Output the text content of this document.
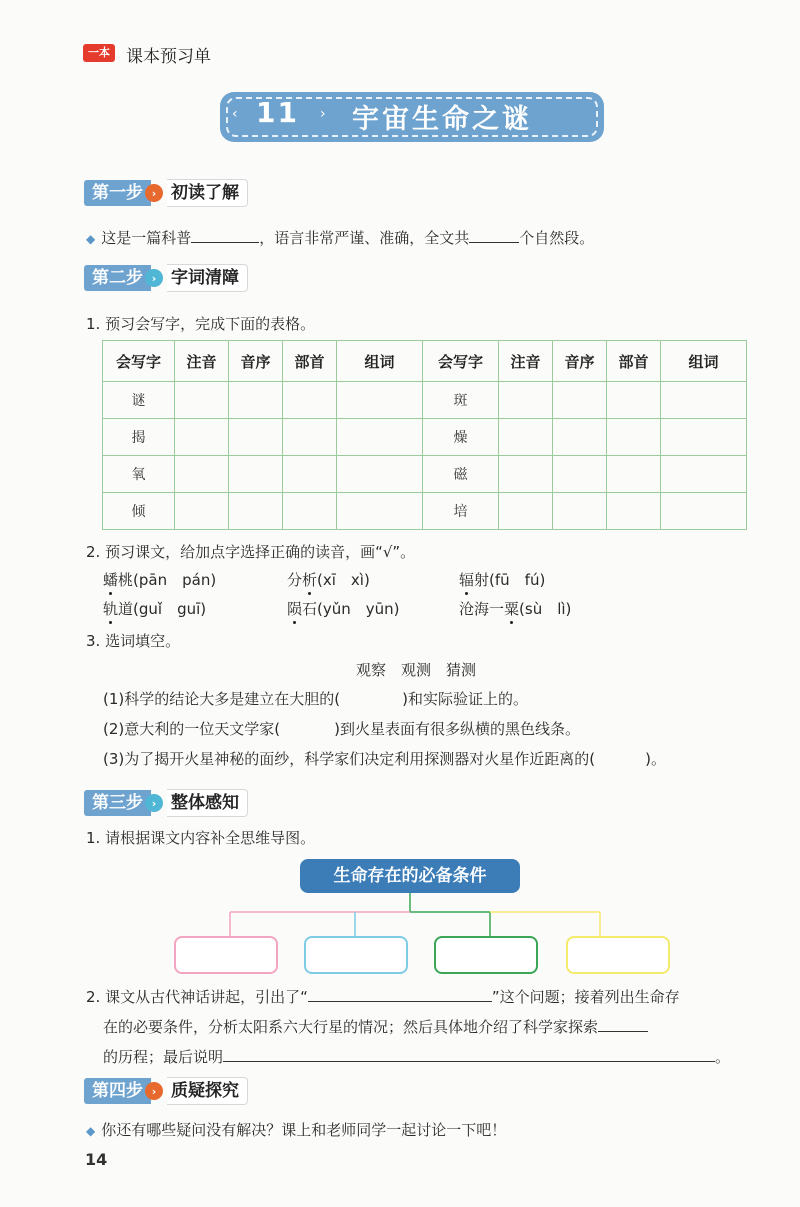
一本 课本预习单
‹ 11 › 宇宙生命之谜
第一步 › 初读了解
◆ 这是一篇科普	，语言非常严谨、准确，全文共	个自然段。
第二步 › 字词清障
1. 预习会写字，完成下面的表格。
会写字	注音	音序	部首	组词	会写字	注音	音序	部首	组词
谜					斑				
揭					燥				
氧					磁				
倾					培				
2. 预习课文，给加点字选择正确的读音，画“√”。
蟠桃(pān　pán)	分析(xī　xì)	辐射(fū　fú)
轨道(guǐ　guī)	陨石(yǔn　yūn)	沧海一粟(sù　lì)
3. 选词填空。
观察　观测　猜测
(1)科学的结论大多是建立在大胆的(	)和实际验证上的。
(2)意大利的一位天文学家(	)到火星表面有很多纵横的黑色线条。
(3)为了揭开火星神秘的面纱，科学家们决定利用探测器对火星作近距离的(	)。
第三步 › 整体感知
1. 请根据课文内容补全思维导图。
生命存在的必备条件
2. 课文从古代神话讲起，引出了“	”这个问题；接着列出生命存
在的必要条件，分析太阳系六大行星的情况；然后具体地介绍了科学家探索
的历程；最后说明	。
第四步 › 质疑探究
◆ 你还有哪些疑问没有解决？课上和老师同学一起讨论一下吧！
14
